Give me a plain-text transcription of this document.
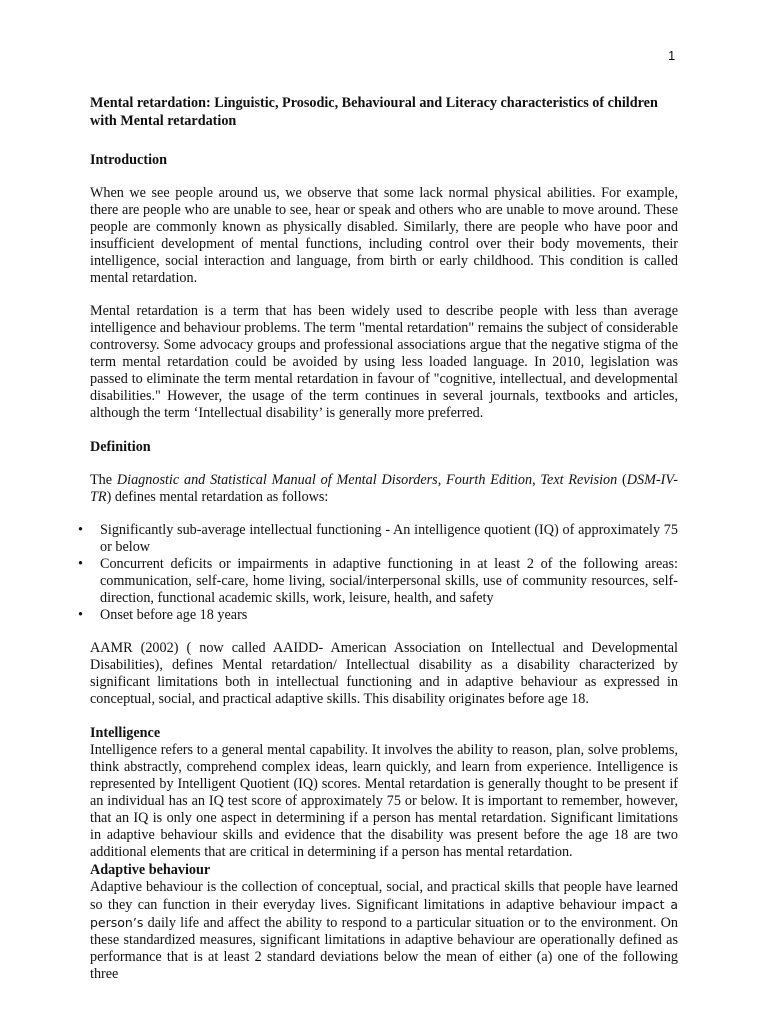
1
Mental retardation: Linguistic, Prosodic, Behavioural and Literacy characteristics of children with Mental retardation
Introduction

When we see people around us, we observe that some lack normal physical abilities. For example, there are people who are unable to see, hear or speak and others who are unable to move around. These people are commonly known as physically disabled. Similarly, there are people who have poor and insufficient development of mental functions, including control over their body movements, their intelligence, social interaction and language, from birth or early childhood. This condition is called mental retardation.

Mental retardation is a term that has been widely used to describe people with less than average intelligence and behaviour problems. The term "mental retardation" remains the subject of considerable controversy. Some advocacy groups and professional associations argue that the negative stigma of the term mental retardation could be avoided by using less loaded language. In 2010, legislation was passed to eliminate the term mental retardation in favour of "cognitive, intellectual, and developmental disabilities." However, the usage of the term continues in several journals, textbooks and articles, although the term ‘Intellectual disability’ is generally more preferred.

Definition

The Diagnostic and Statistical Manual of Mental Disorders, Fourth Edition, Text Revision (DSM-IV-TR) defines mental retardation as follows:

• Significantly sub-average intellectual functioning - An intelligence quotient (IQ) of approximately 75 or below
• Concurrent deficits or impairments in adaptive functioning in at least 2 of the following areas: communication, self-care, home living, social/interpersonal skills, use of community resources, self-direction, functional academic skills, work, leisure, health, and safety
• Onset before age 18 years

AAMR (2002) ( now called AAIDD- American Association on Intellectual and Developmental Disabilities), defines Mental retardation/ Intellectual disability as a disability characterized by significant limitations both in intellectual functioning and in adaptive behaviour as expressed in conceptual, social, and practical adaptive skills. This disability originates before age 18.

Intelligence

Intelligence refers to a general mental capability. It involves the ability to reason, plan, solve problems, think abstractly, comprehend complex ideas, learn quickly, and learn from experience. Intelligence is represented by Intelligent Quotient (IQ) scores. Mental retardation is generally thought to be present if an individual has an IQ test score of approximately 75 or below. It is important to remember, however, that an IQ is only one aspect in determining if a person has mental retardation. Significant limitations in adaptive behaviour skills and evidence that the disability was present before the age 18 are two additional elements that are critical in determining if a person has mental retardation.

Adaptive behaviour

Adaptive behaviour is the collection of conceptual, social, and practical skills that people have learned so they can function in their everyday lives. Significant limitations in adaptive behaviour impact a person’s daily life and affect the ability to respond to a particular situation or to the environment. On these standardized measures, significant limitations in adaptive behaviour are operationally defined as performance that is at least 2 standard deviations below the mean of either (a) one of the following three
